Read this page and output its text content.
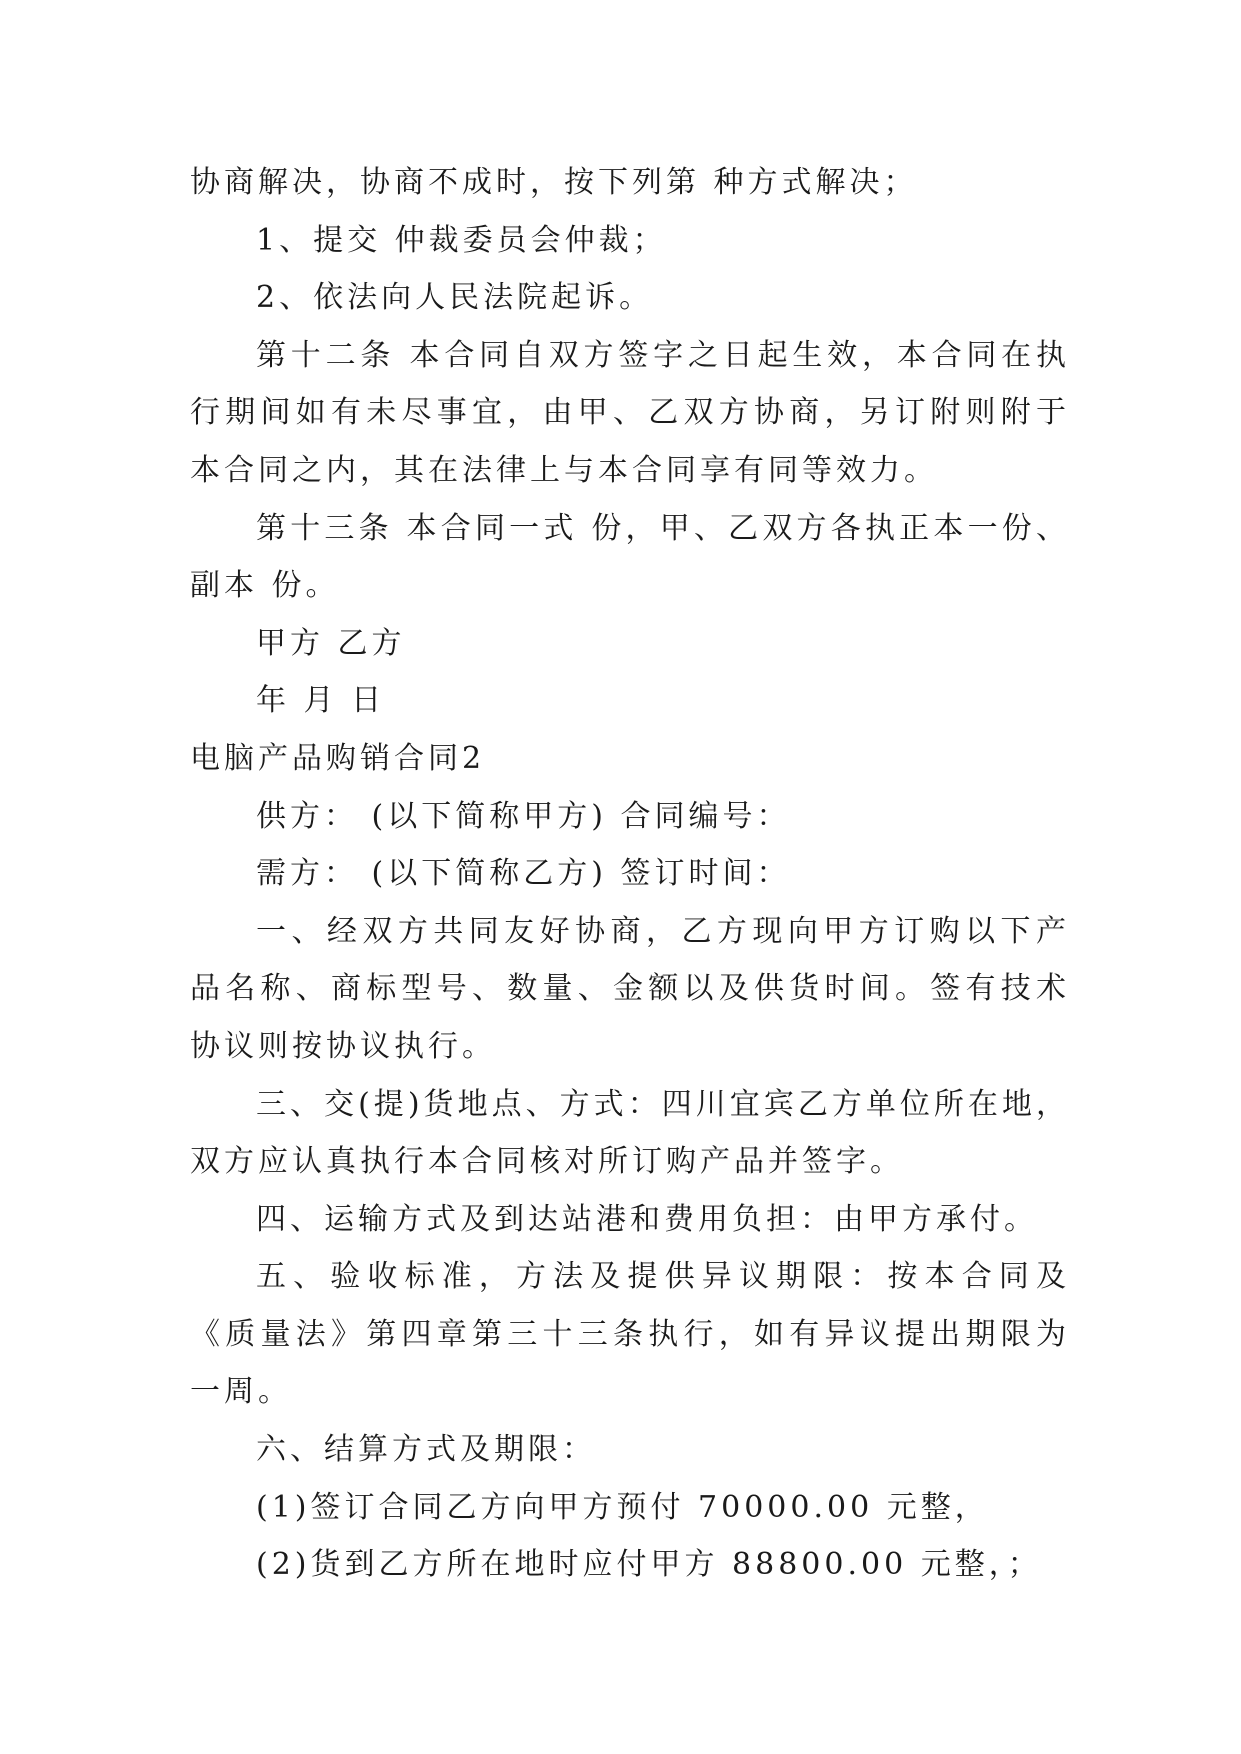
协商解决，协商不成时，按下列第 种方式解决；

1、提交 仲裁委员会仲裁；

2、依法向人民法院起诉。

第十二条 本合同自双方签字之日起生效，本合同在执行期间如有未尽事宜，由甲、乙双方协商，另订附则附于本合同之内，其在法律上与本合同享有同等效力。

第十三条 本合同一式 份，甲、乙双方各执正本一份、副本 份。

甲方 乙方

年 月 日

电脑产品购销合同2

供方： (以下简称甲方) 合同编号：

需方： (以下简称乙方) 签订时间：

一、经双方共同友好协商，乙方现向甲方订购以下产品名称、商标型号、数量、金额以及供货时间。签有技术协议则按协议执行。

三、交(提)货地点、方式：四川宜宾乙方单位所在地，双方应认真执行本合同核对所订购产品并签字。

四、运输方式及到达站港和费用负担：由甲方承付。

五、验收标准，方法及提供异议期限：按本合同及《质量法》第四章第三十三条执行，如有异议提出期限为一周。

六、结算方式及期限：

(1)签订合同乙方向甲方预付 70000.00 元整，

(2)货到乙方所在地时应付甲方 88800.00 元整，；
